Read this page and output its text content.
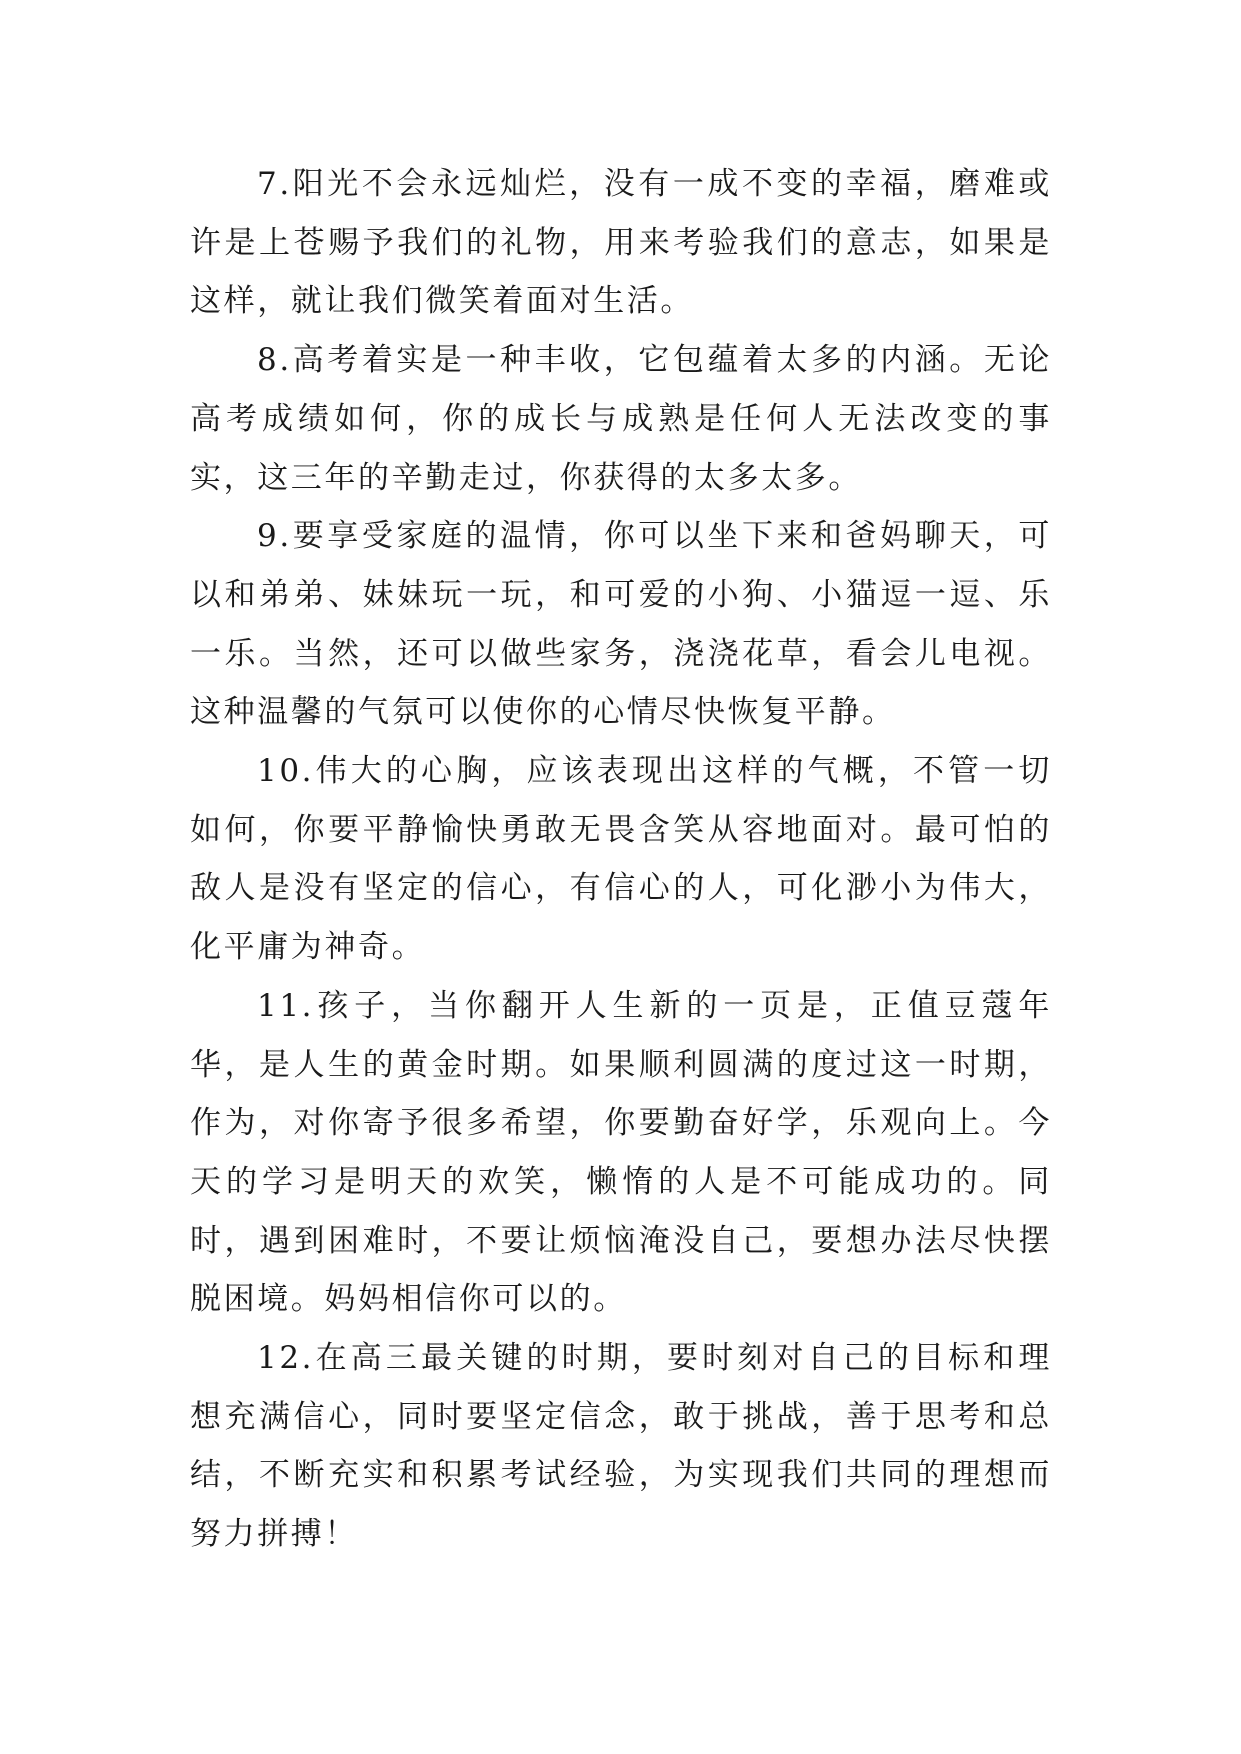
7.阳光不会永远灿烂，没有一成不变的幸福，磨难或许是上苍赐予我们的礼物，用来考验我们的意志，如果是这样，就让我们微笑着面对生活。

8.高考着实是一种丰收，它包蕴着太多的内涵。无论高考成绩如何，你的成长与成熟是任何人无法改变的事实，这三年的辛勤走过，你获得的太多太多。

9.要享受家庭的温情，你可以坐下来和爸妈聊天，可以和弟弟、妹妹玩一玩，和可爱的小狗、小猫逗一逗、乐一乐。当然，还可以做些家务，浇浇花草，看会儿电视。这种温馨的气氛可以使你的心情尽快恢复平静。

10.伟大的心胸，应该表现出这样的气概，不管一切如何，你要平静愉快勇敢无畏含笑从容地面对。最可怕的敌人是没有坚定的信心，有信心的人，可化渺小为伟大，化平庸为神奇。

11.孩子，当你翻开人生新的一页是，正值豆蔻年华，是人生的黄金时期。如果顺利圆满的度过这一时期，作为，对你寄予很多希望，你要勤奋好学，乐观向上。今天的学习是明天的欢笑，懒惰的人是不可能成功的。同时，遇到困难时，不要让烦恼淹没自己，要想办法尽快摆脱困境。妈妈相信你可以的。

12.在高三最关键的时期，要时刻对自己的目标和理想充满信心，同时要坚定信念，敢于挑战，善于思考和总结，不断充实和积累考试经验，为实现我们共同的理想而努力拼搏！
